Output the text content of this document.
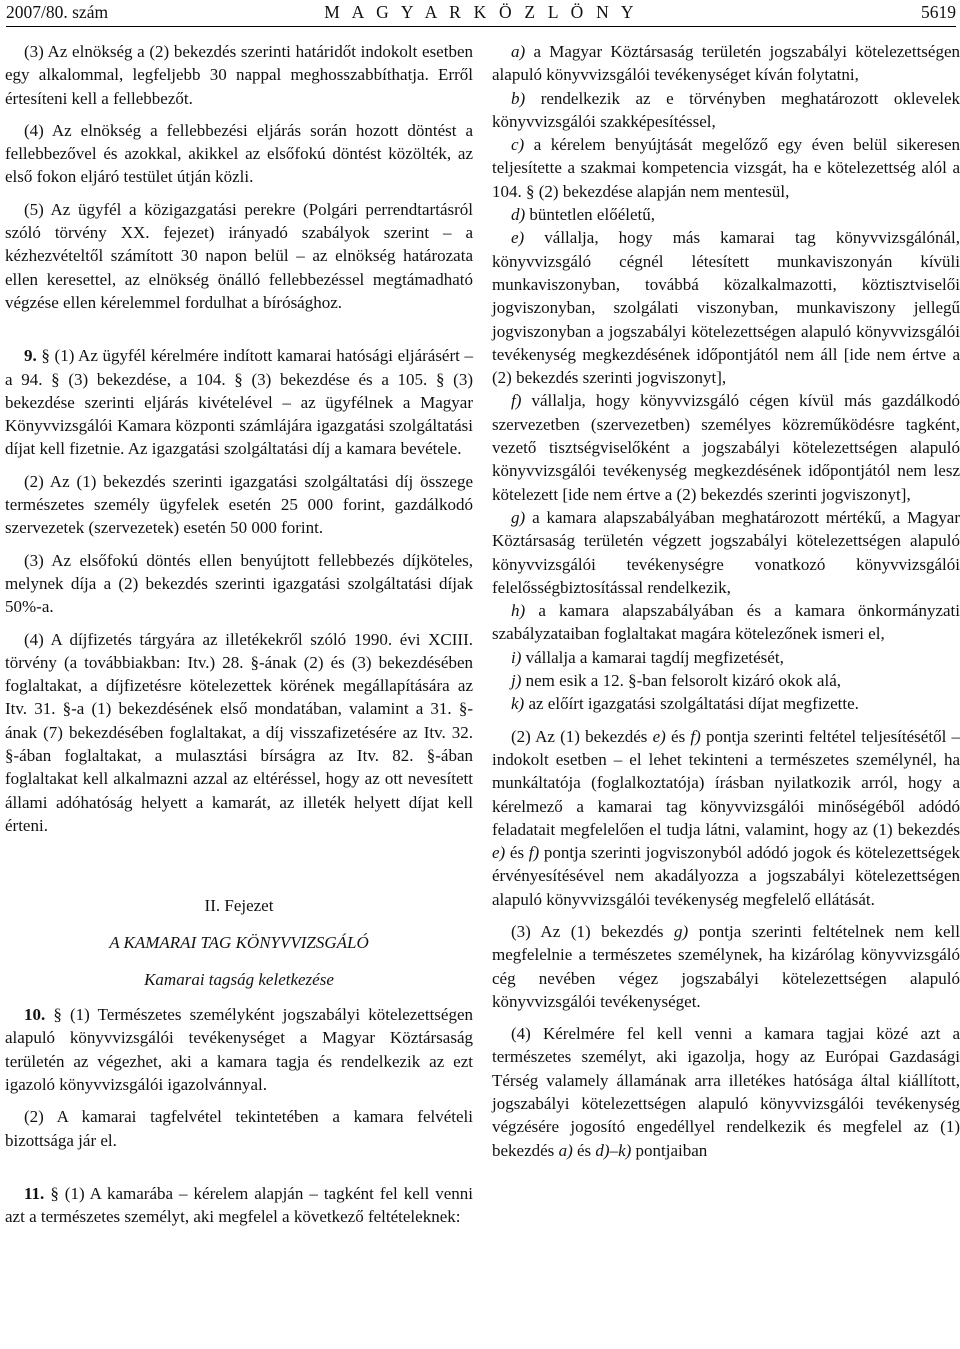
2007/80. szám	M A G Y A R K Ö Z L Ö N Y	5619

(3) Az elnökség a (2) bekezdés szerinti határidőt indokolt esetben egy alkalommal, legfeljebb 30 nappal meghosszabbíthatja. Erről értesíteni kell a fellebbezőt.

(4) Az elnökség a fellebbezési eljárás során hozott döntést a fellebbezővel és azokkal, akikkel az elsőfokú döntést közölték, az első fokon eljáró testület útján közli.

(5) Az ügyfél a közigazgatási perekre (Polgári perrendtartásról szóló törvény XX. fejezet) irányadó szabályok szerint – a kézhezvételtől számított 30 napon belül – az elnökség határozata ellen keresettel, az elnökség önálló fellebbezéssel megtámadható végzése ellen kérelemmel fordulhat a bírósághoz.

9. § (1) Az ügyfél kérelmére indított kamarai hatósági eljárásért – a 94. § (3) bekezdése, a 104. § (3) bekezdése és a 105. § (3) bekezdése szerinti eljárás kivételével – az ügyfélnek a Magyar Könyvvizsgálói Kamara központi számlájára igazgatási szolgáltatási díjat kell fizetnie. Az igazgatási szolgáltatási díj a kamara bevétele.

(2) Az (1) bekezdés szerinti igazgatási szolgáltatási díj összege természetes személy ügyfelek esetén 25 000 forint, gazdálkodó szervezetek (szervezetek) esetén 50 000 forint.

(3) Az elsőfokú döntés ellen benyújtott fellebbezés díjköteles, melynek díja a (2) bekezdés szerinti igazgatási szolgáltatási díjak 50%-a.

(4) A díjfizetés tárgyára az illetékekről szóló 1990. évi XCIII. törvény (a továbbiakban: Itv.) 28. §-ának (2) és (3) bekezdésében foglaltakat, a díjfizetésre kötelezettek körének megállapítására az Itv. 31. §-a (1) bekezdésének első mondatában, valamint a 31. §-ának (7) bekezdésében foglaltakat, a díj visszafizetésére az Itv. 32. §-ában foglaltakat, a mulasztási bírságra az Itv. 82. §-ában foglaltakat kell alkalmazni azzal az eltéréssel, hogy az ott nevesített állami adóhatóság helyett a kamarát, az illeték helyett díjat kell érteni.

II. Fejezet

A KAMARAI TAG KÖNYVVIZSGÁLÓ

Kamarai tagság keletkezése

10. § (1) Természetes személyként jogszabályi kötelezettségen alapuló könyvvizsgálói tevékenységet a Magyar Köztársaság területén az végezhet, aki a kamara tagja és rendelkezik az ezt igazoló könyvvizsgálói igazolvánnyal.

(2) A kamarai tagfelvétel tekintetében a kamara felvételi bizottsága jár el.

11. § (1) A kamarába – kérelem alapján – tagként fel kell venni azt a természetes személyt, aki megfelel a következő feltételeknek:

a) a Magyar Köztársaság területén jogszabályi kötelezettségen alapuló könyvvizsgálói tevékenységet kíván folytatni,

b) rendelkezik az e törvényben meghatározott oklevelek könyvvizsgálói szakképesítéssel,

c) a kérelem benyújtását megelőző egy éven belül sikeresen teljesítette a szakmai kompetencia vizsgát, ha e kötelezettség alól a 104. § (2) bekezdése alapján nem mentesül,

d) büntetlen előéletű,

e) vállalja, hogy más kamarai tag könyvvizsgálónál, könyvvizsgáló cégnél létesített munkaviszonyán kívüli munkaviszonyban, továbbá közalkalmazotti, köztisztviselői jogviszonyban, szolgálati viszonyban, munkaviszony jellegű jogviszonyban a jogszabályi kötelezettségen alapuló könyvvizsgálói tevékenység megkezdésének időpontjától nem áll [ide nem értve a (2) bekezdés szerinti jogviszonyt],

f) vállalja, hogy könyvvizsgáló cégen kívül más gazdálkodó szervezetben (szervezetben) személyes közreműködésre tagként, vezető tisztségviselőként a jogszabályi kötelezettségen alapuló könyvvizsgálói tevékenység megkezdésének időpontjától nem lesz kötelezett [ide nem értve a (2) bekezdés szerinti jogviszonyt],

g) a kamara alapszabályában meghatározott mértékű, a Magyar Köztársaság területén végzett jogszabályi kötelezettségen alapuló könyvvizsgálói tevékenységre vonatkozó könyvvizsgálói felelősségbiztosítással rendelkezik,

h) a kamara alapszabályában és a kamara önkormányzati szabályzataiban foglaltakat magára kötelezőnek ismeri el,

i) vállalja a kamarai tagdíj megfizetését,

j) nem esik a 12. §-ban felsorolt kizáró okok alá,

k) az előírt igazgatási szolgáltatási díjat megfizette.

(2) Az (1) bekezdés e) és f) pontja szerinti feltétel teljesítésétől – indokolt esetben – el lehet tekinteni a természetes személynél, ha munkáltatója (foglalkoztatója) írásban nyilatkozik arról, hogy a kérelmező a kamarai tag könyvvizsgálói minőségéből adódó feladatait megfelelően el tudja látni, valamint, hogy az (1) bekezdés e) és f) pontja szerinti jogviszonyból adódó jogok és kötelezettségek érvényesítésével nem akadályozza a jogszabályi kötelezettségen alapuló könyvvizsgálói tevékenység megfelelő ellátását.

(3) Az (1) bekezdés g) pontja szerinti feltételnek nem kell megfelelnie a természetes személynek, ha kizárólag könyvvizsgáló cég nevében végez jogszabályi kötelezettségen alapuló könyvvizsgálói tevékenységet.

(4) Kérelmére fel kell venni a kamara tagjai közé azt a természetes személyt, aki igazolja, hogy az Európai Gazdasági Térség valamely államának arra illetékes hatósága által kiállított, jogszabályi kötelezettségen alapuló könyvvizsgálói tevékenység végzésére jogosító engedéllyel rendelkezik és megfelel az (1) bekezdés a) és d)–k) pontjaiban
